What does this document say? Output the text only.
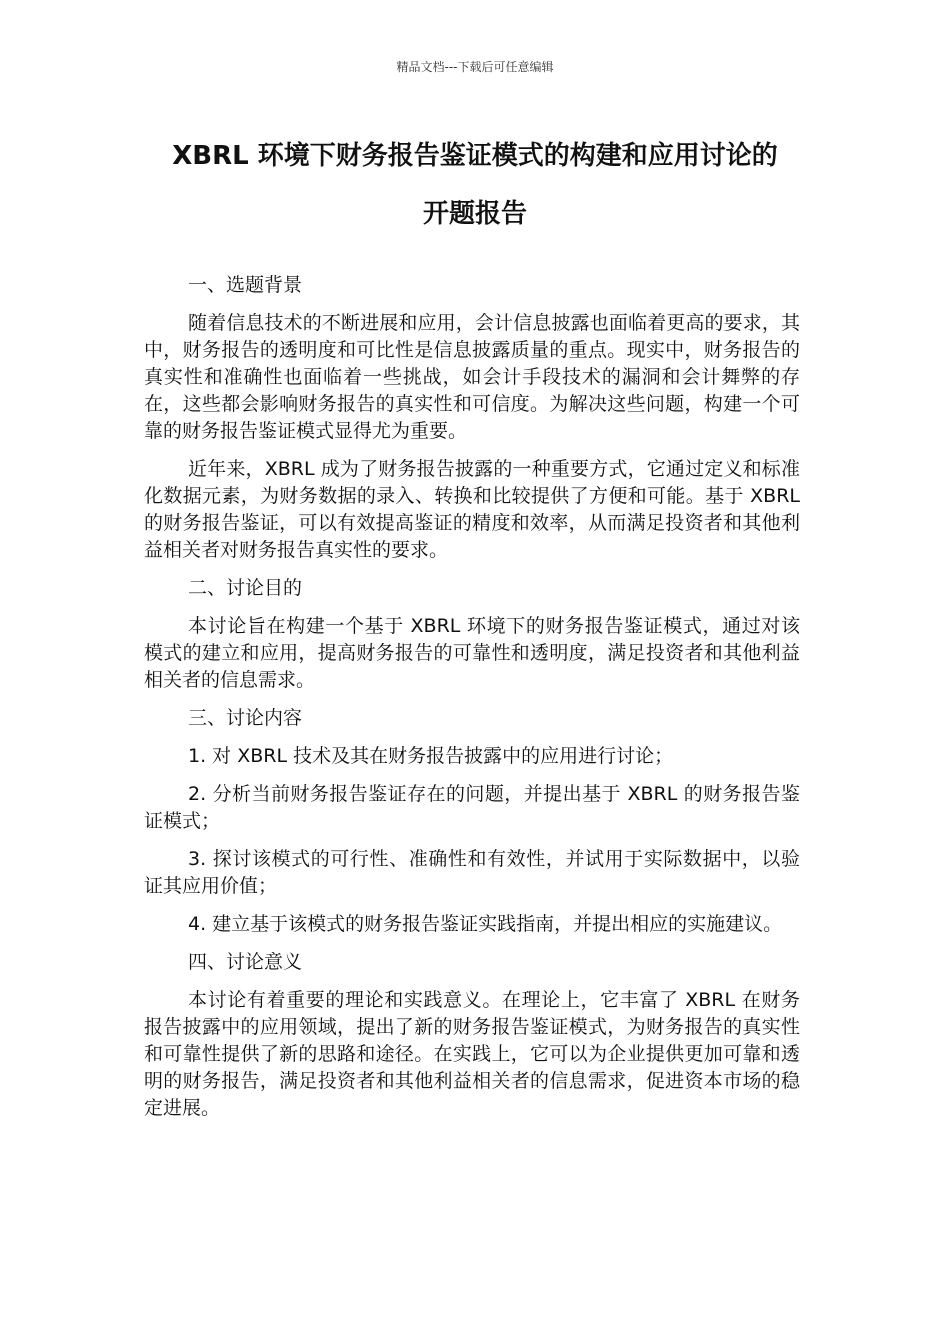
精品文档---下载后可任意编辑
XBRL 环境下财务报告鉴证模式的构建和应用讨论的
开题报告

一、选题背景

随着信息技术的不断进展和应用，会计信息披露也面临着更高的要求，其中，财务报告的透明度和可比性是信息披露质量的重点。现实中，财务报告的真实性和准确性也面临着一些挑战，如会计手段技术的漏洞和会计舞弊的存在，这些都会影响财务报告的真实性和可信度。为解决这些问题，构建一个可靠的财务报告鉴证模式显得尤为重要。

近年来，XBRL 成为了财务报告披露的一种重要方式，它通过定义和标准化数据元素，为财务数据的录入、转换和比较提供了方便和可能。基于 XBRL 的财务报告鉴证，可以有效提高鉴证的精度和效率，从而满足投资者和其他利益相关者对财务报告真实性的要求。

二、讨论目的

本讨论旨在构建一个基于 XBRL 环境下的财务报告鉴证模式，通过对该模式的建立和应用，提高财务报告的可靠性和透明度，满足投资者和其他利益相关者的信息需求。

三、讨论内容

1. 对 XBRL 技术及其在财务报告披露中的应用进行讨论；

2. 分析当前财务报告鉴证存在的问题，并提出基于 XBRL 的财务报告鉴证模式；

3. 探讨该模式的可行性、准确性和有效性，并试用于实际数据中，以验证其应用价值；

4. 建立基于该模式的财务报告鉴证实践指南，并提出相应的实施建议。

四、讨论意义

本讨论有着重要的理论和实践意义。在理论上，它丰富了 XBRL 在财务报告披露中的应用领域，提出了新的财务报告鉴证模式，为财务报告的真实性和可靠性提供了新的思路和途径。在实践上，它可以为企业提供更加可靠和透明的财务报告，满足投资者和其他利益相关者的信息需求，促进资本市场的稳定进展。
